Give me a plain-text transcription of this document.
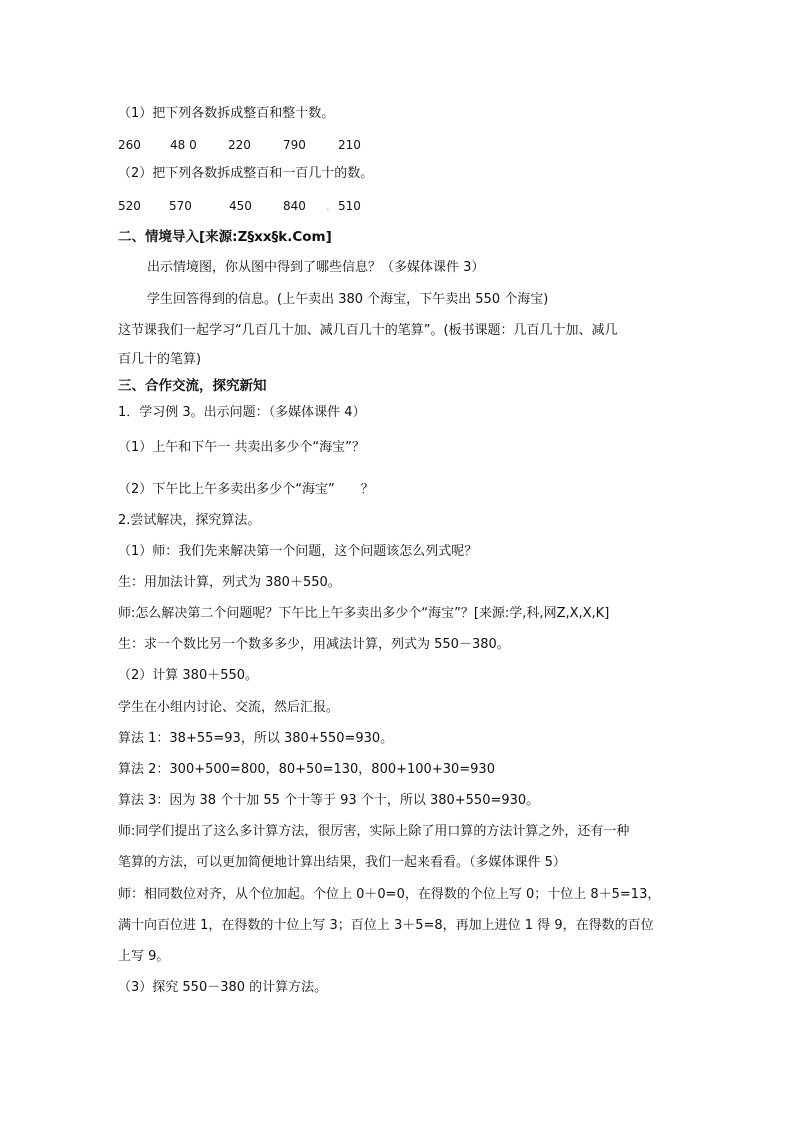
（1）把下列各数拆成整百和整十数。
260 48 0	220	790	210
（2）把下列各数拆成整百和一百几十的数。
520 570	450	840 . 510
二、情境导入[来源:Z§xx§k.Com]
出示情境图，你从图中得到了哪些信息？（多媒体课件 3）
学生回答得到的信息。(上午卖出 380 个海宝，下午卖出 550 个海宝)
这节课我们一起学习“几百几十加、减几百几十的笔算”。(板书课题：几百几十加、减几
百几十的笔算)
三、合作交流，探究新知
1．学习例 3。出示问题：（多媒体课件 4）
（1）上午和下午一 共卖出多少个“海宝”？
（2）下午比上午多卖出多少个“海宝”　　？
2.尝试解决，探究算法。
（1）师：我们先来解决第一个问题，这个问题该怎么列式呢？
生：用加法计算，列式为 380＋550。
师:怎么解决第二个问题呢？下午比上午多卖出多少个“海宝”？[来源:学,科,网Z,X,X,K]
生：求一个数比另一个数多多少，用减法计算，列式为 550－380。
（2）计算 380＋550。
学生在小组内讨论、交流，然后汇报。
算法 1：38+55=93，所以 380+550=930。
算法 2：300+500=800，80+50=130，800+100+30=930
算法 3：因为 38 个十加 55 个十等于 93 个十，所以 380+550=930。
师:同学们提出了这么多计算方法，很厉害，实际上除了用口算的方法计算之外，还有一种
笔算的方法，可以更加简便地计算出结果，我们一起来看看。（多媒体课件 5）
师：相同数位对齐，从个位加起。个位上 0＋0=0，在得数的个位上写 0；十位上 8＋5=13，
满十向百位进 1，在得数的十位上写 3；百位上 3＋5=8，再加上进位 1 得 9，在得数的百位
上写 9。
（3）探究 550－380 的计算方法。
